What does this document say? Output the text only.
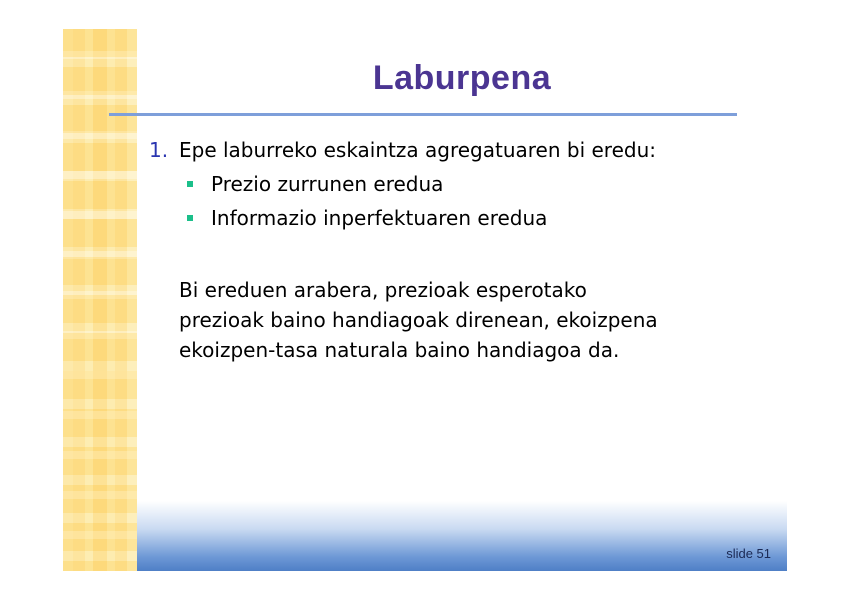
Laburpena
1. Epe laburreko eskaintza agregatuaren bi eredu:
Prezio zurrunen eredua
Informazio inperfektuaren eredua
Bi ereduen arabera, prezioak esperotako
prezioak baino handiagoak direnean, ekoizpena
ekoizpen-tasa naturala baino handiagoa da.
slide 51
